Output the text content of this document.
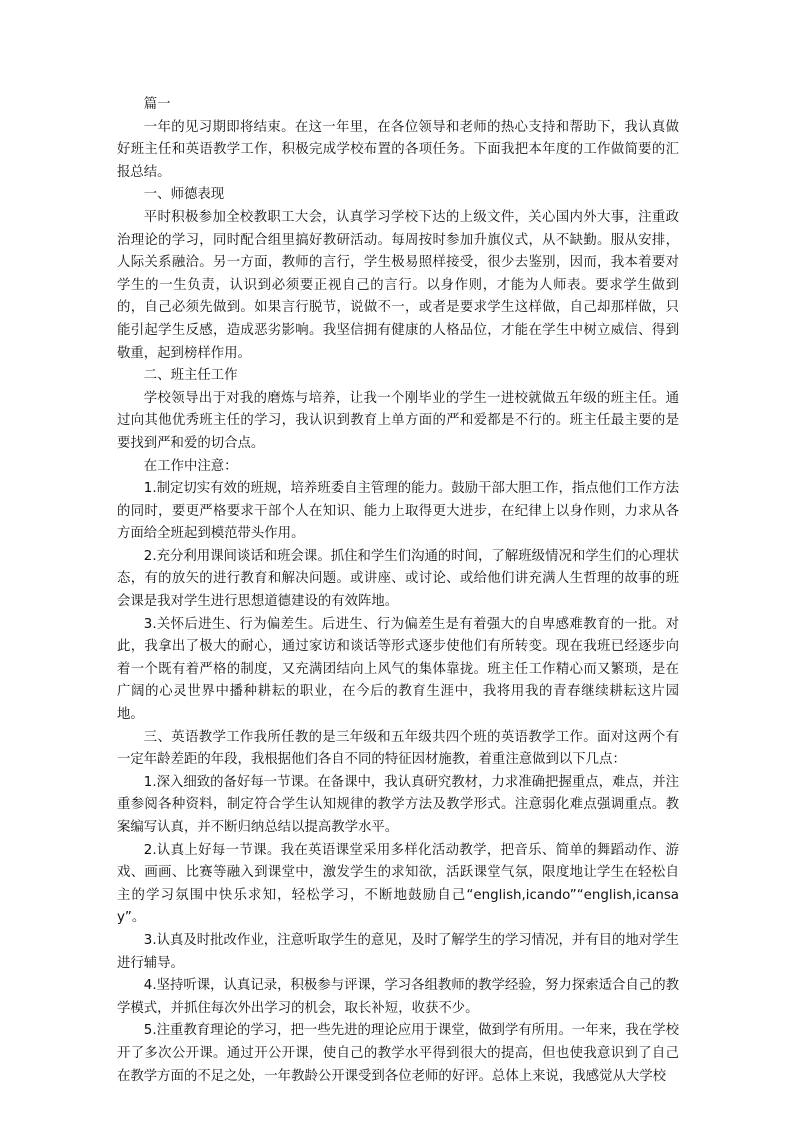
篇一

一年的见习期即将结束。在这一年里，在各位领导和老师的热心支持和帮助下，我认真做好班主任和英语教学工作，积极完成学校布置的各项任务。下面我把本年度的工作做简要的汇报总结。

一、师德表现

平时积极参加全校教职工大会，认真学习学校下达的上级文件，关心国内外大事，注重政治理论的学习，同时配合组里搞好教研活动。每周按时参加升旗仪式，从不缺勤。服从安排，人际关系融洽。另一方面，教师的言行，学生极易照样接受，很少去鉴别，因而，我本着要对学生的一生负责，认识到必须要正视自己的言行。以身作则，才能为人师表。要求学生做到的，自己必须先做到。如果言行脱节，说做不一，或者是要求学生这样做，自己却那样做，只能引起学生反感，造成恶劣影响。我坚信拥有健康的人格品位，才能在学生中树立威信、得到敬重，起到榜样作用。

二、班主任工作

学校领导出于对我的磨炼与培养，让我一个刚毕业的学生一进校就做五年级的班主任。通过向其他优秀班主任的学习，我认识到教育上单方面的严和爱都是不行的。班主任最主要的是要找到严和爱的切合点。

在工作中注意：

1.制定切实有效的班规，培养班委自主管理的能力。鼓励干部大胆工作，指点他们工作方法的同时，要更严格要求干部个人在知识、能力上取得更大进步，在纪律上以身作则，力求从各方面给全班起到模范带头作用。

2.充分利用课间谈话和班会课。抓住和学生们沟通的时间，了解班级情况和学生们的心理状态，有的放矢的进行教育和解决问题。或讲座、或讨论、或给他们讲充满人生哲理的故事的班会课是我对学生进行思想道德建设的有效阵地。

3.关怀后进生、行为偏差生。后进生、行为偏差生是有着强大的自卑感难教育的一批。对此，我拿出了极大的耐心，通过家访和谈话等形式逐步使他们有所转变。现在我班已经逐步向着一个既有着严格的制度，又充满团结向上风气的集体靠拢。班主任工作精心而又繁琐，是在广阔的心灵世界中播种耕耘的职业，在今后的教育生涯中，我将用我的青春继续耕耘这片园地。

三、英语教学工作我所任教的是三年级和五年级共四个班的英语教学工作。面对这两个有一定年龄差距的年段，我根据他们各自不同的特征因材施教，着重注意做到以下几点：

1.深入细致的备好每一节课。在备课中，我认真研究教材，力求准确把握重点，难点，并注重参阅各种资料，制定符合学生认知规律的教学方法及教学形式。注意弱化难点强调重点。教案编写认真，并不断归纳总结以提高教学水平。

2.认真上好每一节课。我在英语课堂采用多样化活动教学，把音乐、简单的舞蹈动作、游戏、画画、比赛等融入到课堂中，激发学生的求知欲，活跃课堂气氛，限度地让学生在轻松自主的学习氛围中快乐求知，轻松学习，不断地鼓励自己“english,icando”“english,icansay”。

3.认真及时批改作业，注意听取学生的意见，及时了解学生的学习情况，并有目的地对学生进行辅导。

4.坚持听课，认真记录，积极参与评课，学习各组教师的教学经验，努力探索适合自己的教学模式，并抓住每次外出学习的机会，取长补短，收获不少。

5.注重教育理论的学习，把一些先进的理论应用于课堂，做到学有所用。一年来，我在学校开了多次公开课。通过开公开课，使自己的教学水平得到很大的提高，但也使我意识到了自己在教学方面的不足之处，一年教龄公开课受到各位老师的好评。总体上来说，我感觉从大学校
